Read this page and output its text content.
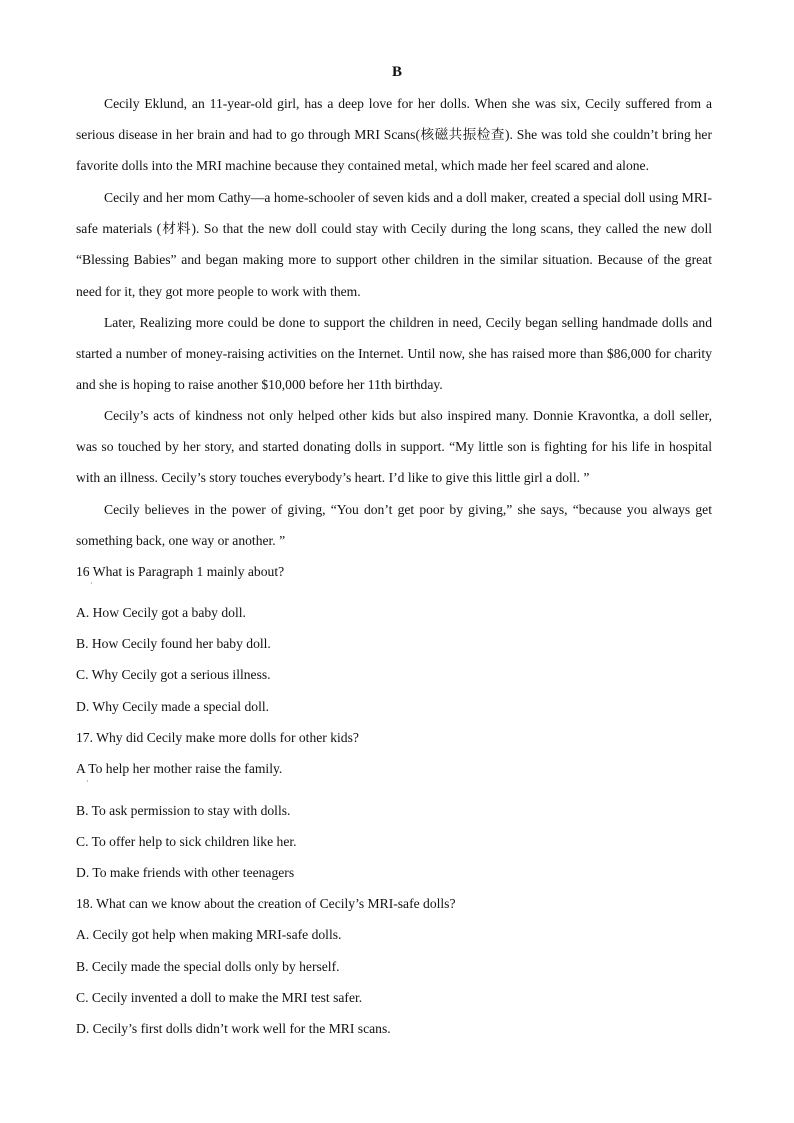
B

Cecily Eklund, an 11-year-old girl, has a deep love for her dolls. When she was six, Cecily suffered from a serious disease in her brain and had to go through MRI Scans(核磁共振检查). She was told she couldn’t bring her favorite dolls into the MRI machine because they contained metal, which made her feel scared and alone.

Cecily and her mom Cathy—a home-schooler of seven kids and a doll maker, created a special doll using MRI-safe materials (材料). So that the new doll could stay with Cecily during the long scans, they called the new doll “Blessing Babies” and began making more to support other children in the similar situation. Because of the great need for it, they got more people to work with them.

Later, Realizing more could be done to support the children in need, Cecily began selling handmade dolls and started a number of money-raising activities on the Internet. Until now, she has raised more than $86,000 for charity and she is hoping to raise another $10,000 before her 11th birthday.

Cecily’s acts of kindness not only helped other kids but also inspired many. Donnie Kravontka, a doll seller, was so touched by her story, and started donating dolls in support. “My little son is fighting for his life in hospital with an illness. Cecily’s story touches everybody’s heart. I’d like to give this little girl a doll. ”

Cecily believes in the power of giving, “You don’t get poor by giving,” she says, “because you always get something back, one way or another. ”

16 What is Paragraph 1 mainly about?

·

A. How Cecily got a baby doll.

B. How Cecily found her baby doll.

C. Why Cecily got a serious illness.

D. Why Cecily made a special doll.

17. Why did Cecily make more dolls for other kids?

A To help her mother raise the family.

·

B. To ask permission to stay with dolls.

C. To offer help to sick children like her.

D. To make friends with other teenagers

18. What can we know about the creation of Cecily’s MRI-safe dolls?

A. Cecily got help when making MRI-safe dolls.

B. Cecily made the special dolls only by herself.

C. Cecily invented a doll to make the MRI test safer.

D. Cecily’s first dolls didn’t work well for the MRI scans.
